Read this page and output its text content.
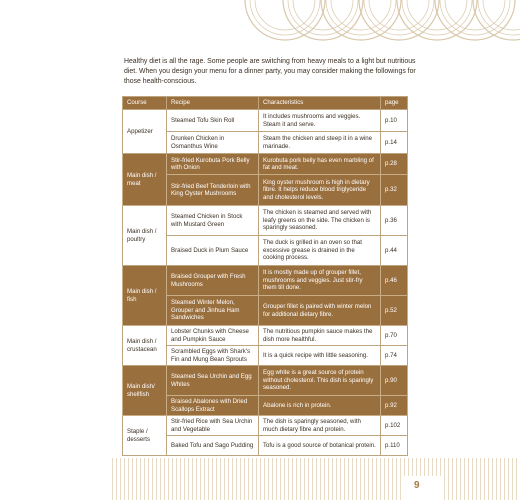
9

Healthy diet is all the rage. Some people are switching from heavy meals to a light but nutritious diet. When you design your menu for a dinner party, you may consider making the followings for those health-conscious.

Course	Recipe	Characteristics	page
Appetizer	Steamed Tofu Skin Roll	It includes mushrooms and veggies. Steam it and serve.	p.10
	Drunken Chicken in Osmanthus Wine	Steam the chicken and steep it in a wine marinade.	p.14
Main dish / meat	Stir-fried Kurobuta Pork Belly with Onion	Kurobuta pork belly has even marbling of fat and meat.	p.28
	Stir-fried Beef Tenderloin with King Oyster Mushrooms	King oyster mushroom is high in dietary fibre. It helps reduce blood triglyceride and cholesterol levels.	p.32
Main dish / poultry	Steamed Chicken in Stock with Mustard Green	The chicken is steamed and served with leafy greens on the side. The chicken is sparingly seasoned.	p.36
	Braised Duck in Plum Sauce	The duck is grilled in an oven so that excessive grease is drained in the cooking process.	p.44
Main dish / fish	Braised Grouper with Fresh Mushrooms	It is mostly made up of grouper fillet, mushrooms and veggies. Just stir-fry them till done.	p.46
	Steamed Winter Melon, Grouper and Jinhua Ham Sandwiches	Grouper fillet is paired with winter melon for additional dietary fibre.	p.52
Main dish / crustacean	Lobster Chunks with Cheese and Pumpkin Sauce	The nutritious pumpkin sauce makes the dish more healthful.	p.70
	Scrambled Eggs with Shark's Fin and Mung Bean Sprouts	It is a quick recipe with little seasoning.	p.74
Main dish/ shellfish	Steamed Sea Urchin and Egg Whites	Egg white is a great source of protein without cholesterol. This dish is sparingly seasoned.	p.90
	Braised Abalones with Dried Scallops Extract	Abalone is rich in protein.	p.92
Staple / desserts	Stir-fried Rice with Sea Urchin and Vegetable	The dish is sparingly seasoned, with much dietary fibre and protein.	p.102
	Baked Tofu and Sago Pudding	Tofu is a good source of botanical protein.	p.110
